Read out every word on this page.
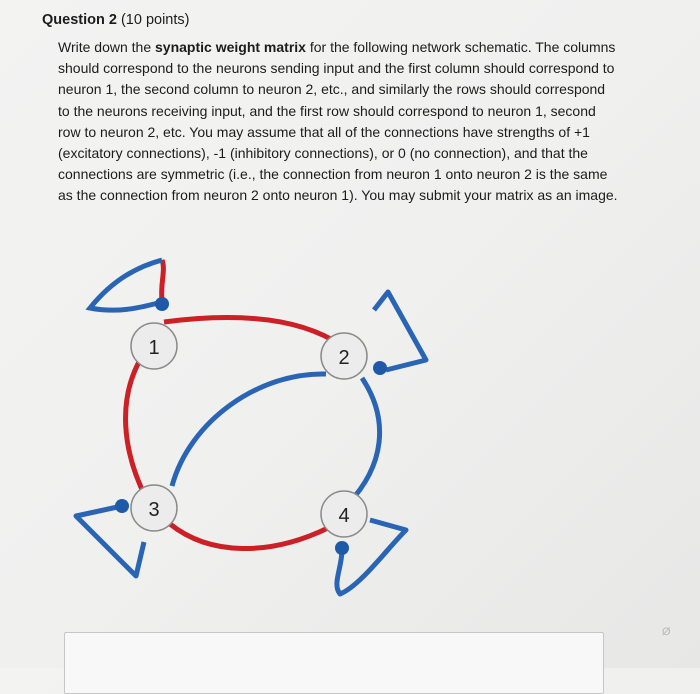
Question 2 (10 points)
Write down the synaptic weight matrix for the following network schematic. The columns should correspond to the neurons sending input and the first column should correspond to neuron 1, the second column to neuron 2, etc., and similarly the rows should correspond to the neurons receiving input, and the first row should correspond to neuron 1, second row to neuron 2, etc. You may assume that all of the connections have strengths of +1 (excitatory connections), -1 (inhibitory connections), or 0 (no connection), and that the connections are symmetric (i.e., the connection from neuron 1 onto neuron 2 is the same as the connection from neuron 2 onto neuron 1). You may submit your matrix as an image.
1	2
3	4
Ø
